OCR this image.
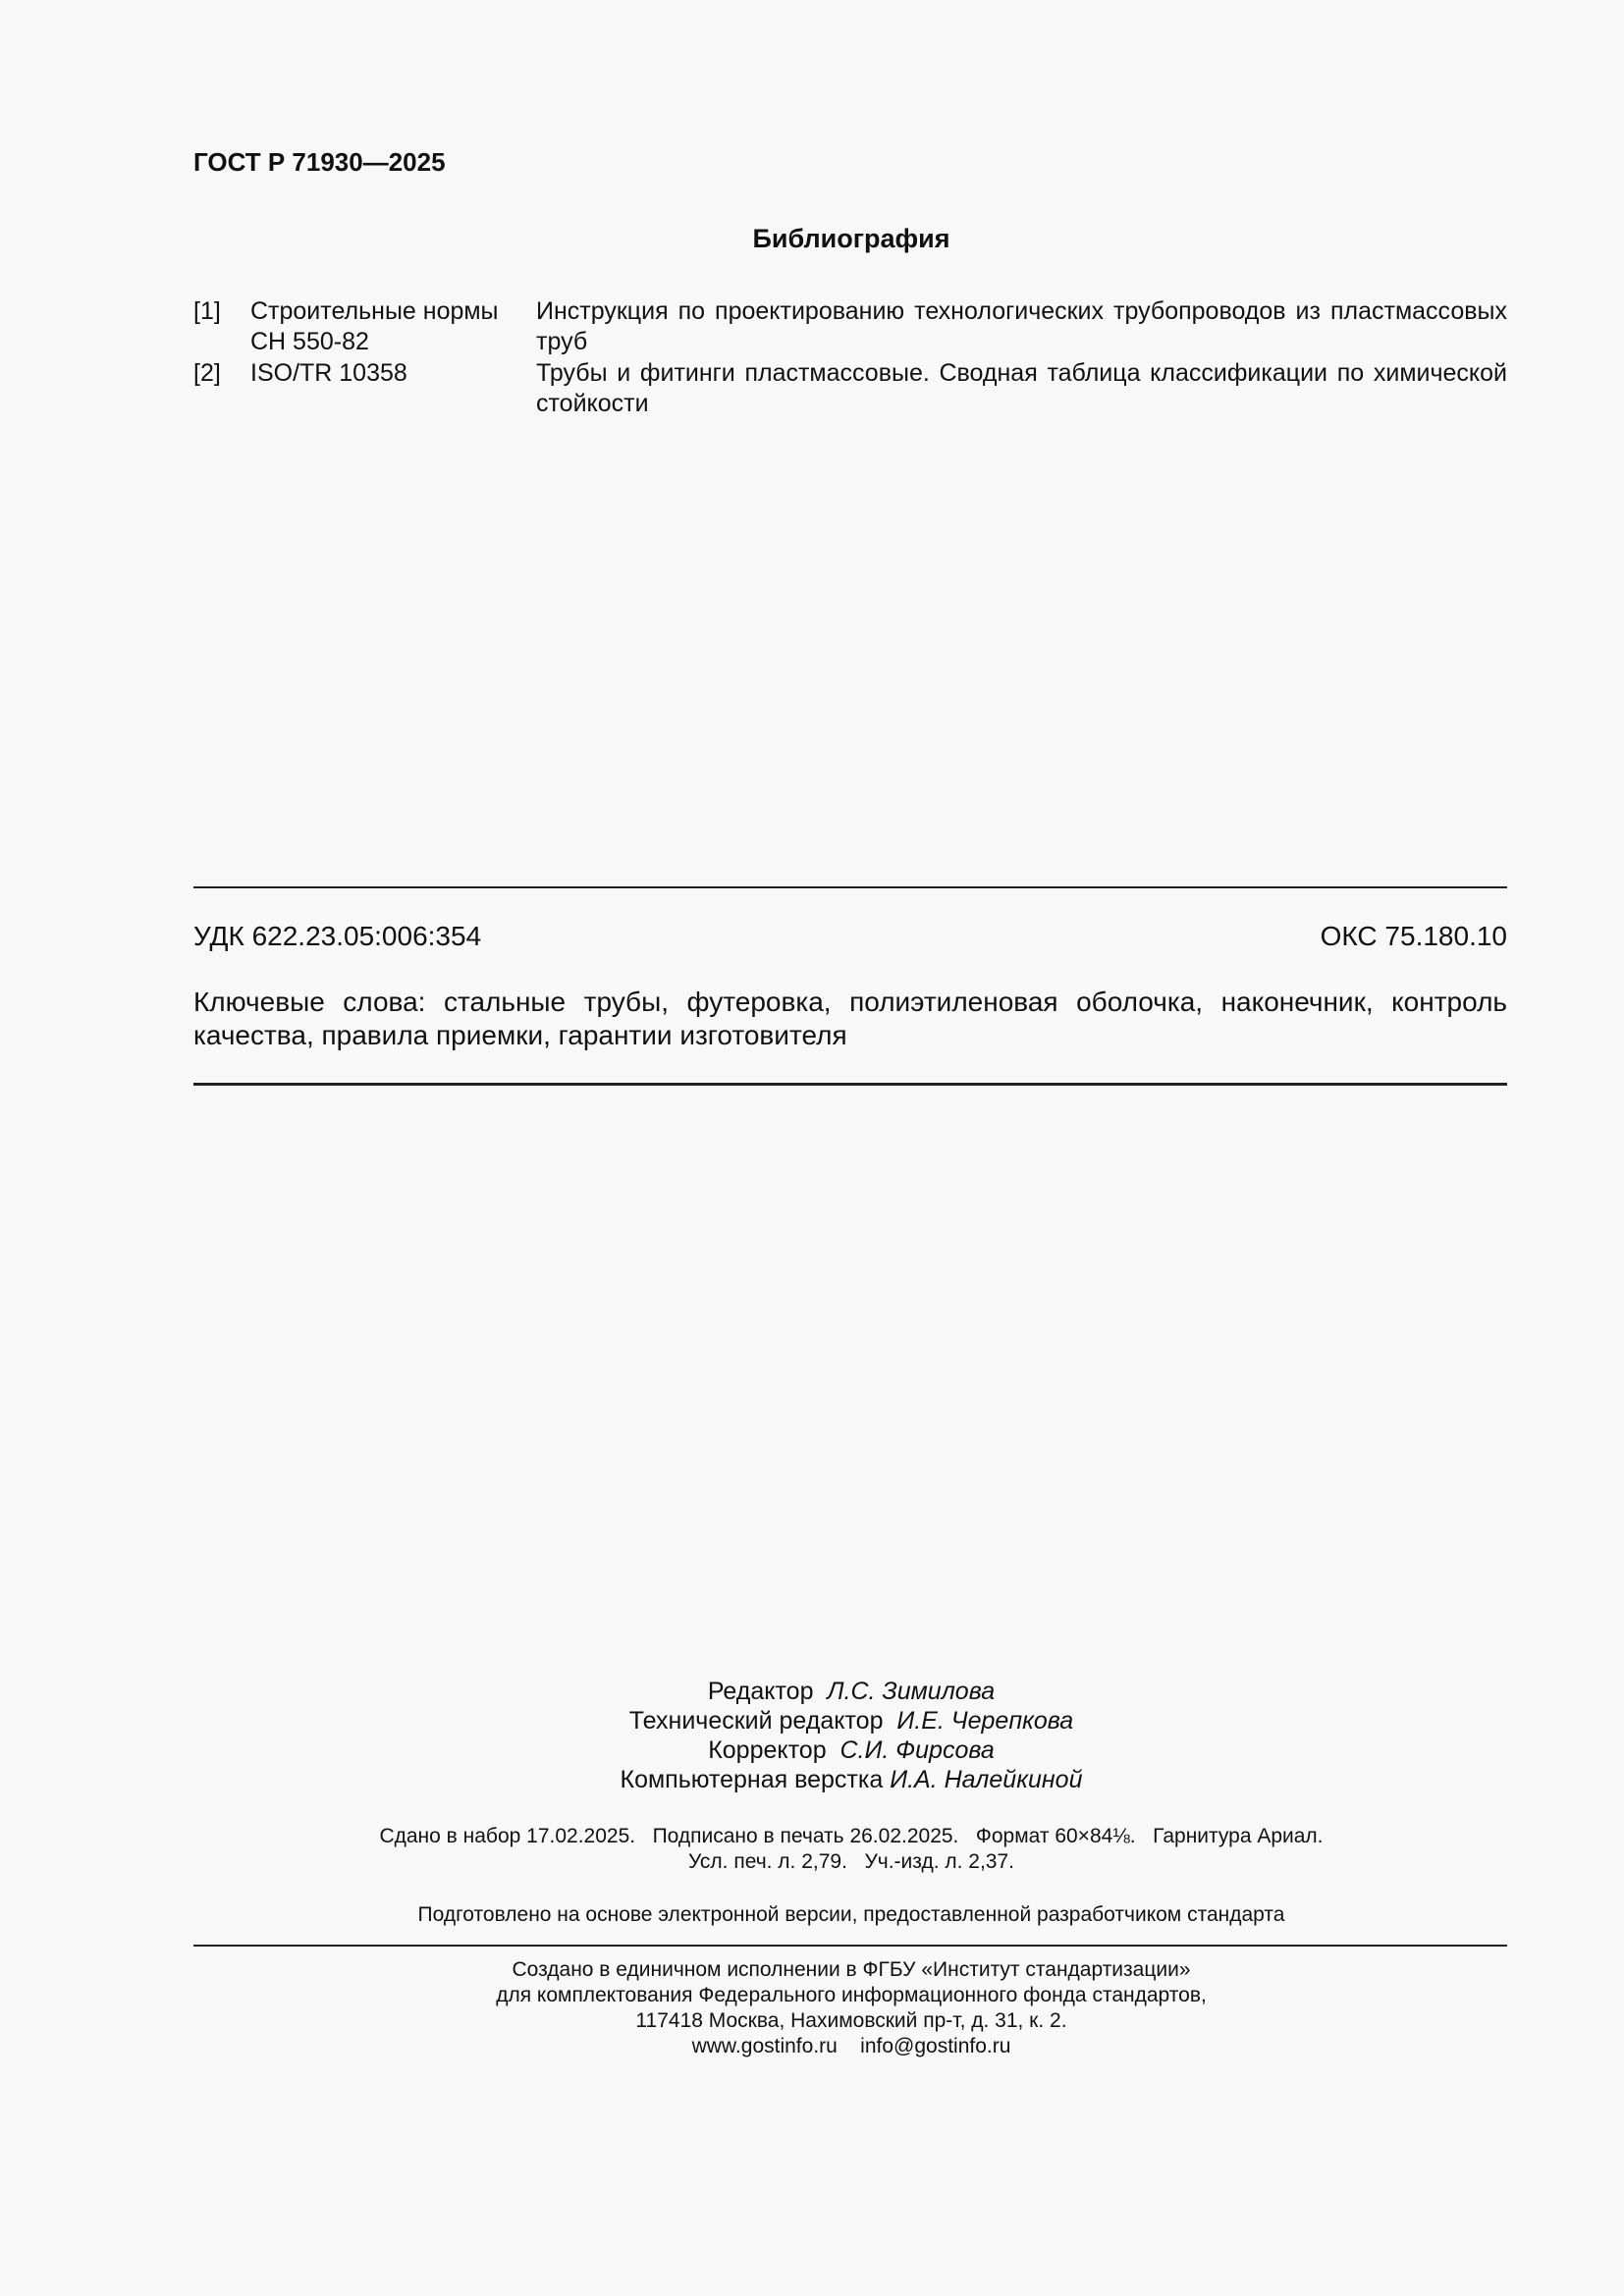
ГОСТ Р 71930—2025
Библиография
[1] Строительные нормы
СН 550-82
Инструкция по проектированию технологических трубопроводов из пластмассовых труб
[2] ISO/TR 10358	Трубы и фитинги пластмассовые. Сводная таблица классификации по химической стойкости
УДК 622.23.05:006:354	ОКС 75.180.10
Ключевые слова: стальные трубы, футеровка, полиэтиленовая оболочка, наконечник, контроль качества, правила приемки, гарантии изготовителя
Редактор Л.С. Зимилова
Технический редактор И.Е. Черепкова
Корректор С.И. Фирсова
Компьютерная верстка И.А. Налейкиной
Сдано в набор 17.02.2025.   Подписано в печать 26.02.2025.   Формат 60×84⅛.   Гарнитура Ариал.
Усл. печ. л. 2,79.   Уч.-изд. л. 2,37.
Подготовлено на основе электронной версии, предоставленной разработчиком стандарта
Создано в единичном исполнении в ФГБУ «Институт стандартизации»
для комплектования Федерального информационного фонда стандартов,
117418 Москва, Нахимовский пр-т, д. 31, к. 2.
www.gostinfo.ru    info@gostinfo.ru
